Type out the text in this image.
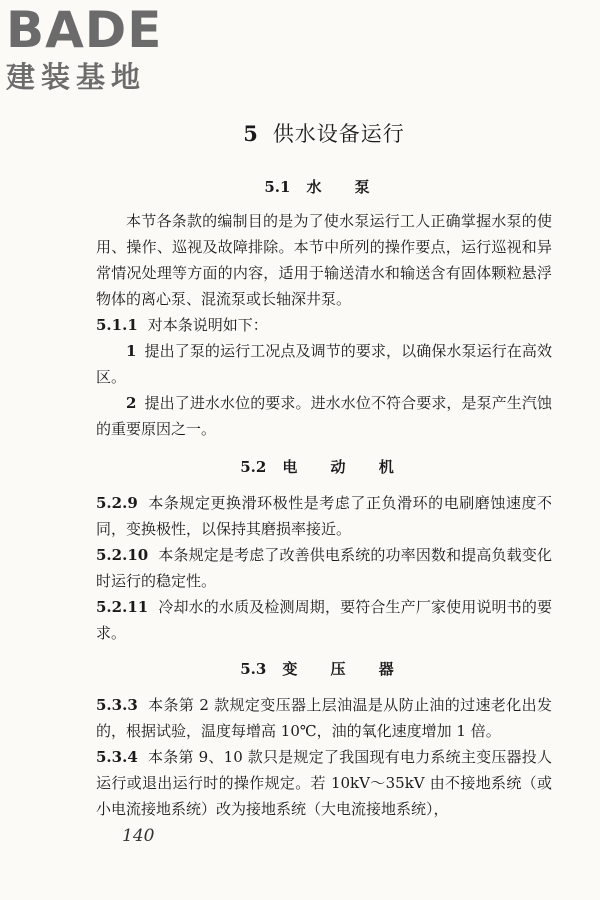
BADE
建装基地
5 供水设备运行
5.1 水 泵

本节各条款的编制目的是为了使水泵运行工人正确掌握水泵的使用、操作、巡视及故障排除。本节中所列的操作要点，运行巡视和异常情况处理等方面的内容，适用于输送清水和输送含有固体颗粒悬浮物体的离心泵、混流泵或长轴深井泵。

5.1.1 对本条说明如下：

1 提出了泵的运行工况点及调节的要求，以确保水泵运行在高效区。

2 提出了进水水位的要求。进水水位不符合要求，是泵产生汽蚀的重要原因之一。

5.2 电 动 机

5.2.9 本条规定更换滑环极性是考虑了正负滑环的电刷磨蚀速度不同，变换极性，以保持其磨损率接近。

5.2.10 本条规定是考虑了改善供电系统的功率因数和提高负载变化时运行的稳定性。

5.2.11 冷却水的水质及检测周期，要符合生产厂家使用说明书的要求。

5.3 变 压 器

5.3.3 本条第 2 款规定变压器上层油温是从防止油的过速老化出发的，根据试验，温度每增高 10℃，油的氧化速度增加 1 倍。

5.3.4 本条第 9、10 款只是规定了我国现有电力系统主变压器投人运行或退出运行时的操作规定。若 10kV～35kV 由不接地系统（或小电流接地系统）改为接地系统（大电流接地系统），

140
